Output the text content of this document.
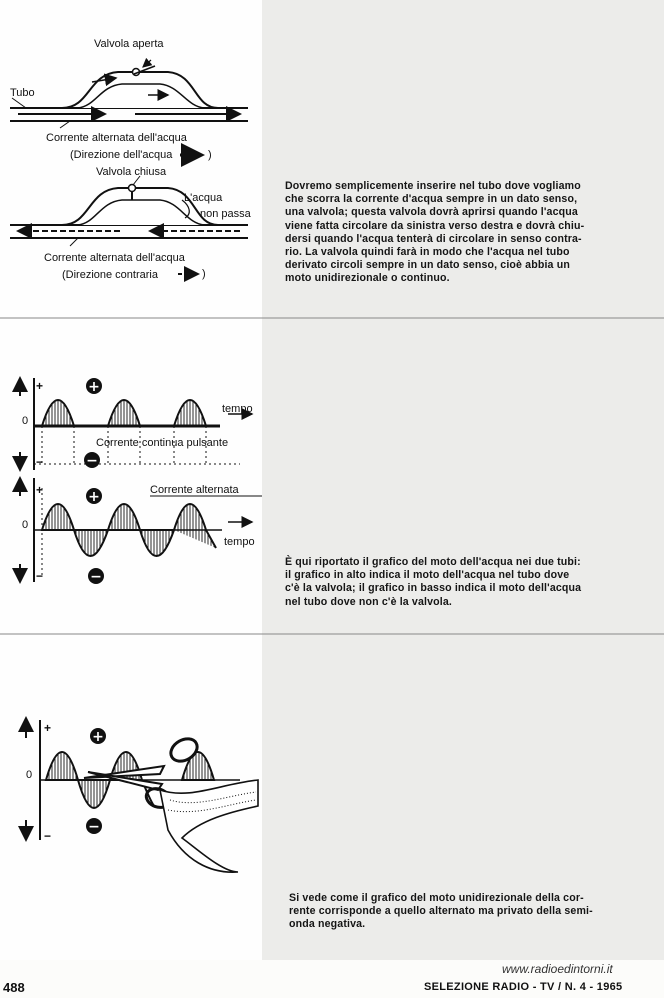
Valvola aperta
Tubo
Corrente alternata dell'acqua
(Direzione dell'acqua	)
Valvola chiusa
L'acqua
non passa
Corrente alternata dell'acqua
(Direzione contraria	)
+
−
+
−
0
tempo
Corrente continua pulsante
+
−
+
−
0
tempo
Corrente alternata
+
−
+
−
0
Dovremo semplicemente inserire nel tubo dove vogliamo
che scorra la corrente d'acqua sempre in un dato senso,
una valvola; questa valvola dovrà aprirsi quando l'acqua
viene fatta circolare da sinistra verso destra e dovrà chiu-
dersi quando l'acqua tenterà di circolare in senso contra-
rio. La valvola quindi farà in modo che l'acqua nel tubo
derivato circoli sempre in un dato senso, cioè abbia un
moto unidirezionale o continuo.
È qui riportato il grafico del moto dell'acqua nei due tubi:
il grafico in alto indica il moto dell'acqua nel tubo dove
c'è la valvola; il grafico in basso indica il moto dell'acqua
nel tubo dove non c'è la valvola.
Si vede come il grafico del moto unidirezionale della cor-
rente corrisponde a quello alternato ma privato della semi-
onda negativa.
488
www.radioedintorni.it
SELEZIONE RADIO - TV / N. 4 - 1965
